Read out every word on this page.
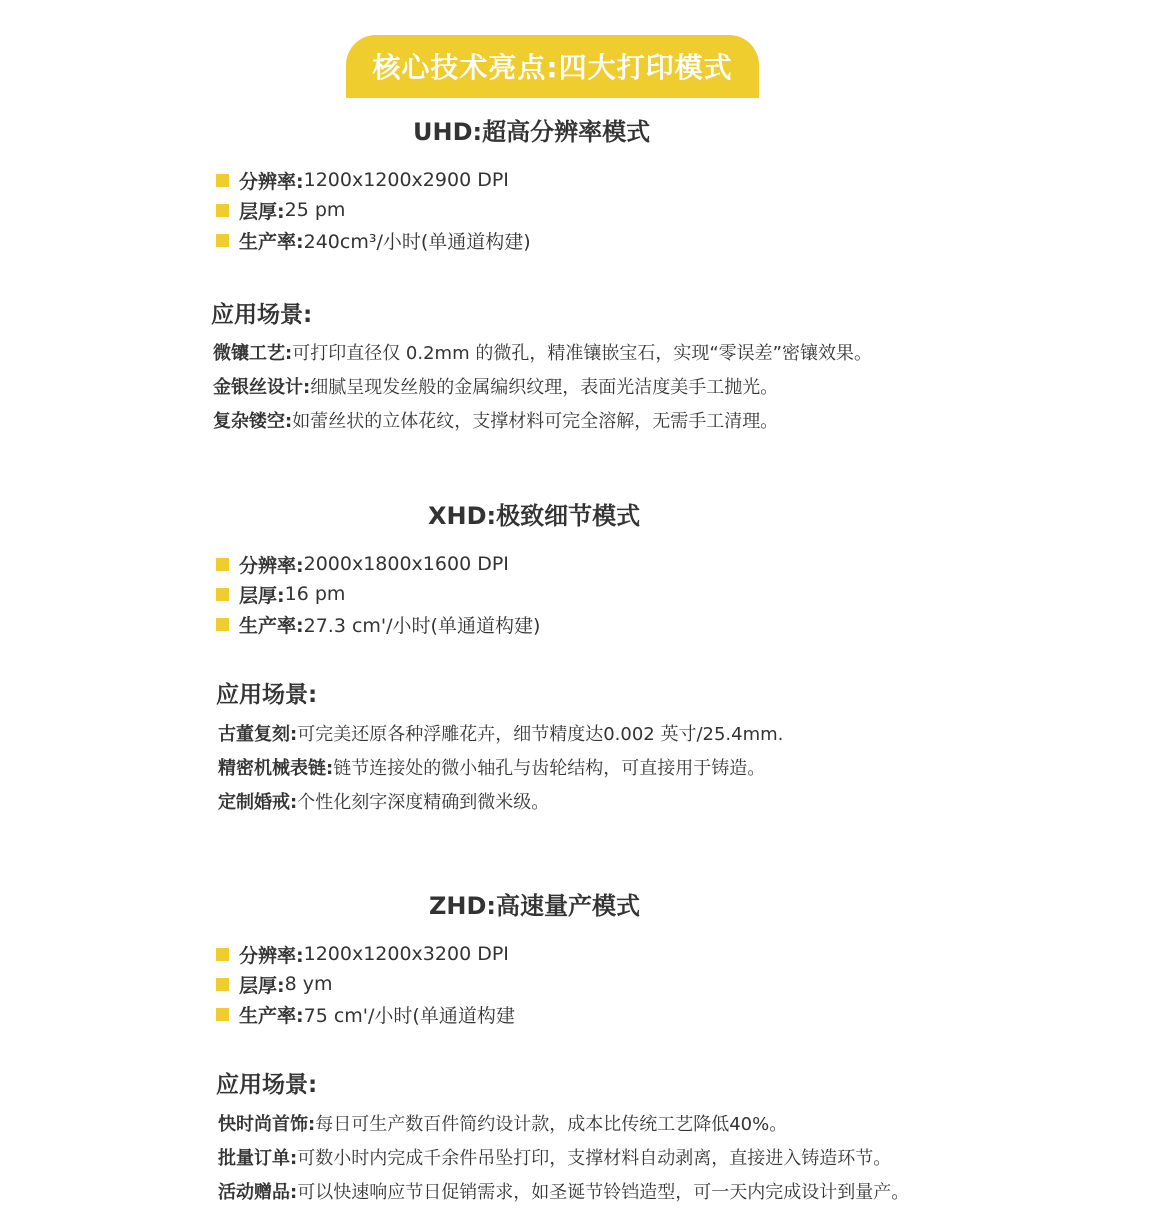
核心技术亮点:四大打印模式
UHD:超高分辨率模式
分辨率: 1200x1200x2900 DPI
层厚: 25 pm
生产率: 240cm³/小时(单通道构建)
应用场景:
微镶工艺:可打印直径仅 0.2mm 的微孔，精准镶嵌宝石，实现“零误差”密镶效果。
金银丝设计:细腻呈现发丝般的金属编织纹理，表面光洁度美手工抛光。
复杂镂空:如蕾丝状的立体花纹，支撑材料可完全溶解，无需手工清理。
XHD:极致细节模式
分辨率: 2000x1800x1600 DPI
层厚: 16 pm
生产率: 27.3 cm'/小时(单通道构建)
应用场景:
古董复刻:可完美还原各种浮雕花卉，细节精度达0.002 英寸/25.4mm.
精密机械表链:链节连接处的微小轴孔与齿轮结构，可直接用于铸造。
定制婚戒:个性化刻字深度精确到微米级。
ZHD:高速量产模式
分辨率: 1200x1200x3200 DPI
层厚: 8 ym
生产率: 75 cm'/小时(单通道构建
应用场景:
快时尚首饰:每日可生产数百件简约设计款，成本比传统工艺降低40%。
批量订单:可数小时内完成千余件吊坠打印，支撑材料自动剥离，直接进入铸造环节。
活动赠品:可以快速响应节日促销需求，如圣诞节铃铛造型，可一天内完成设计到量产。
